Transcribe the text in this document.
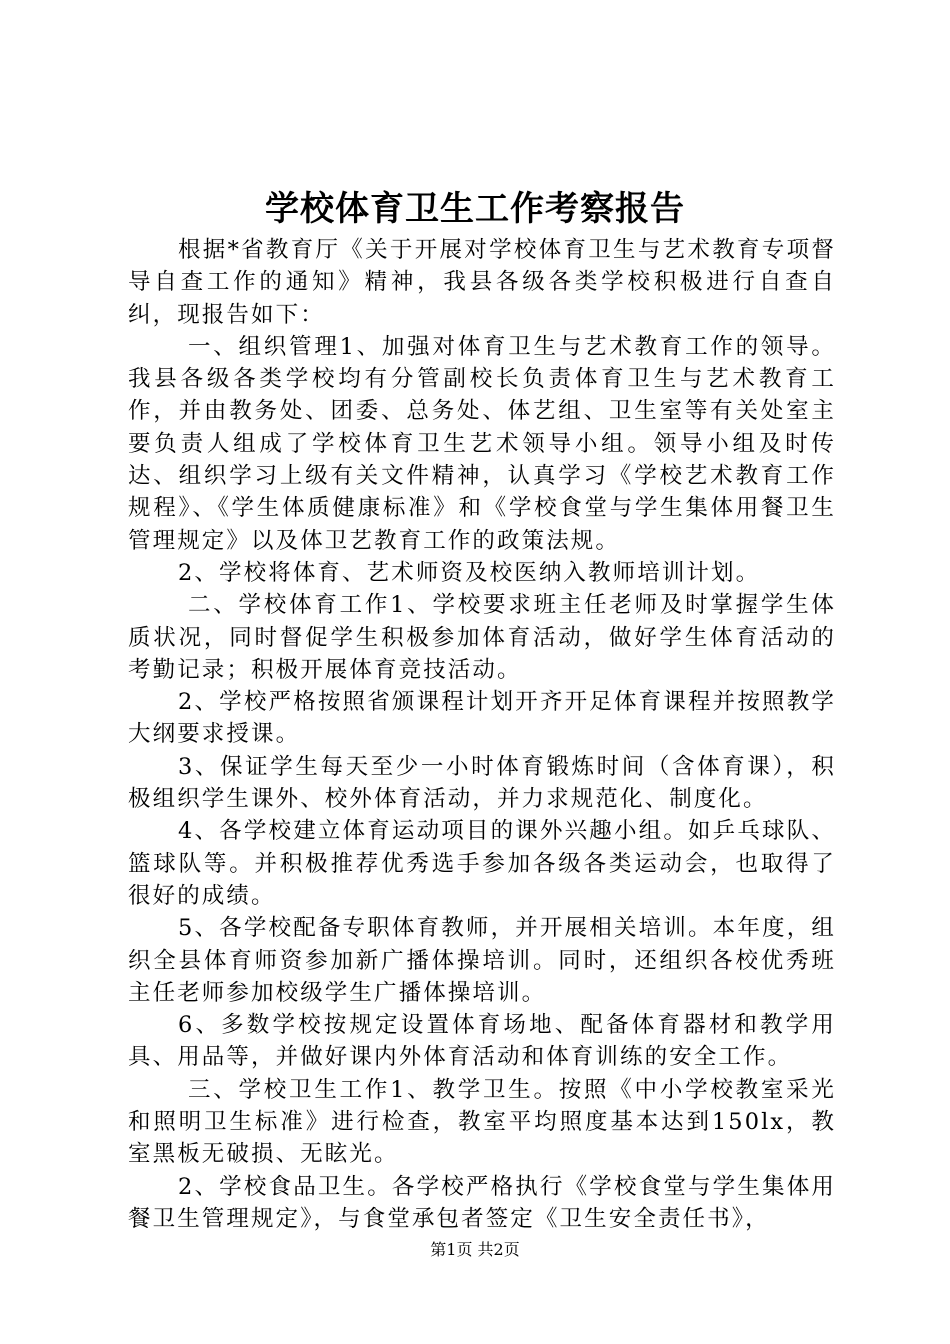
学校体育卫生工作考察报告

根据*省教育厅《关于开展对学校体育卫生与艺术教育专项督导自查工作的通知》精神，我县各级各类学校积极进行自查自纠，现报告如下：

一、组织管理1、加强对体育卫生与艺术教育工作的领导。我县各级各类学校均有分管副校长负责体育卫生与艺术教育工作，并由教务处、团委、总务处、体艺组、卫生室等有关处室主要负责人组成了学校体育卫生艺术领导小组。领导小组及时传达、组织学习上级有关文件精神，认真学习《学校艺术教育工作规程》、《学生体质健康标准》和《学校食堂与学生集体用餐卫生管理规定》以及体卫艺教育工作的政策法规。

2、学校将体育、艺术师资及校医纳入教师培训计划。

二、学校体育工作1、学校要求班主任老师及时掌握学生体质状况，同时督促学生积极参加体育活动，做好学生体育活动的考勤记录；积极开展体育竞技活动。

2、学校严格按照省颁课程计划开齐开足体育课程并按照教学大纲要求授课。

3、保证学生每天至少一小时体育锻炼时间（含体育课），积极组织学生课外、校外体育活动，并力求规范化、制度化。

4、各学校建立体育运动项目的课外兴趣小组。如乒乓球队、篮球队等。并积极推荐优秀选手参加各级各类运动会，也取得了很好的成绩。

5、各学校配备专职体育教师，并开展相关培训。本年度，组织全县体育师资参加新广播体操培训。同时，还组织各校优秀班主任老师参加校级学生广播体操培训。

6、多数学校按规定设置体育场地、配备体育器材和教学用具、用品等，并做好课内外体育活动和体育训练的安全工作。

三、学校卫生工作1、教学卫生。按照《中小学校教室采光和照明卫生标准》进行检查，教室平均照度基本达到150lx，教室黑板无破损、无眩光。

2、学校食品卫生。各学校严格执行《学校食堂与学生集体用餐卫生管理规定》，与食堂承包者签定《卫生安全责任书》，

第1页 共2页
